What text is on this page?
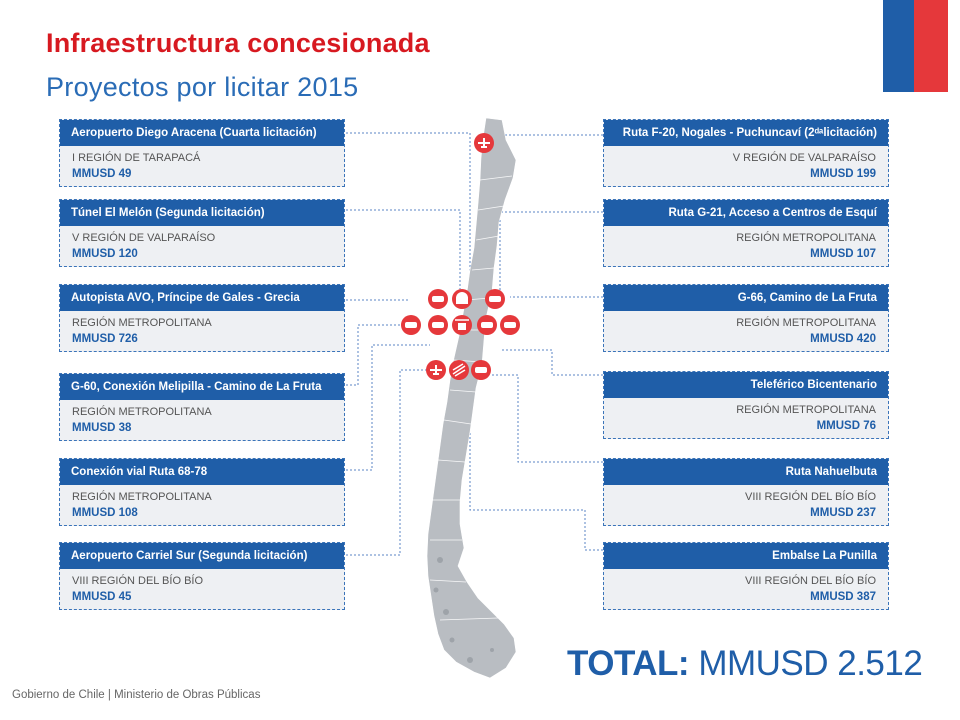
Infraestructura concesionada
Proyectos por licitar 2015
Aeropuerto Diego Aracena (Cuarta licitación)
I REGIÓN DE TARAPACÁ
MMUSD 49
Túnel El Melón (Segunda licitación)
V REGIÓN DE VALPARAÍSO
MMUSD 120
Autopista AVO, Príncipe de Gales - Grecia
REGIÓN METROPOLITANA
MMUSD 726
G-60, Conexión Melipilla - Camino de La Fruta
REGIÓN METROPOLITANA
MMUSD 38
Conexión vial Ruta 68-78
REGIÓN METROPOLITANA
MMUSD 108
Aeropuerto Carriel Sur (Segunda licitación)
VIII REGIÓN DEL BÍO BÍO
MMUSD 45
Ruta F-20, Nogales - Puchuncaví (2ᵈᵃlicitación)
V REGIÓN DE VALPARAÍSO
MMUSD 199
Ruta G-21, Acceso a Centros de Esquí
REGIÓN METROPOLITANA
MMUSD 107
G-66, Camino de La Fruta
REGIÓN METROPOLITANA
MMUSD 420
Teleférico Bicentenario
REGIÓN METROPOLITANA
MMUSD 76
Ruta Nahuelbuta
VIII REGIÓN DEL BÍO BÍO
MMUSD 237
Embalse La Punilla
VIII REGIÓN DEL BÍO BÍO
MMUSD 387
TOTAL: MMUSD 2.512
Gobierno de Chile | Ministerio de Obras Públicas
